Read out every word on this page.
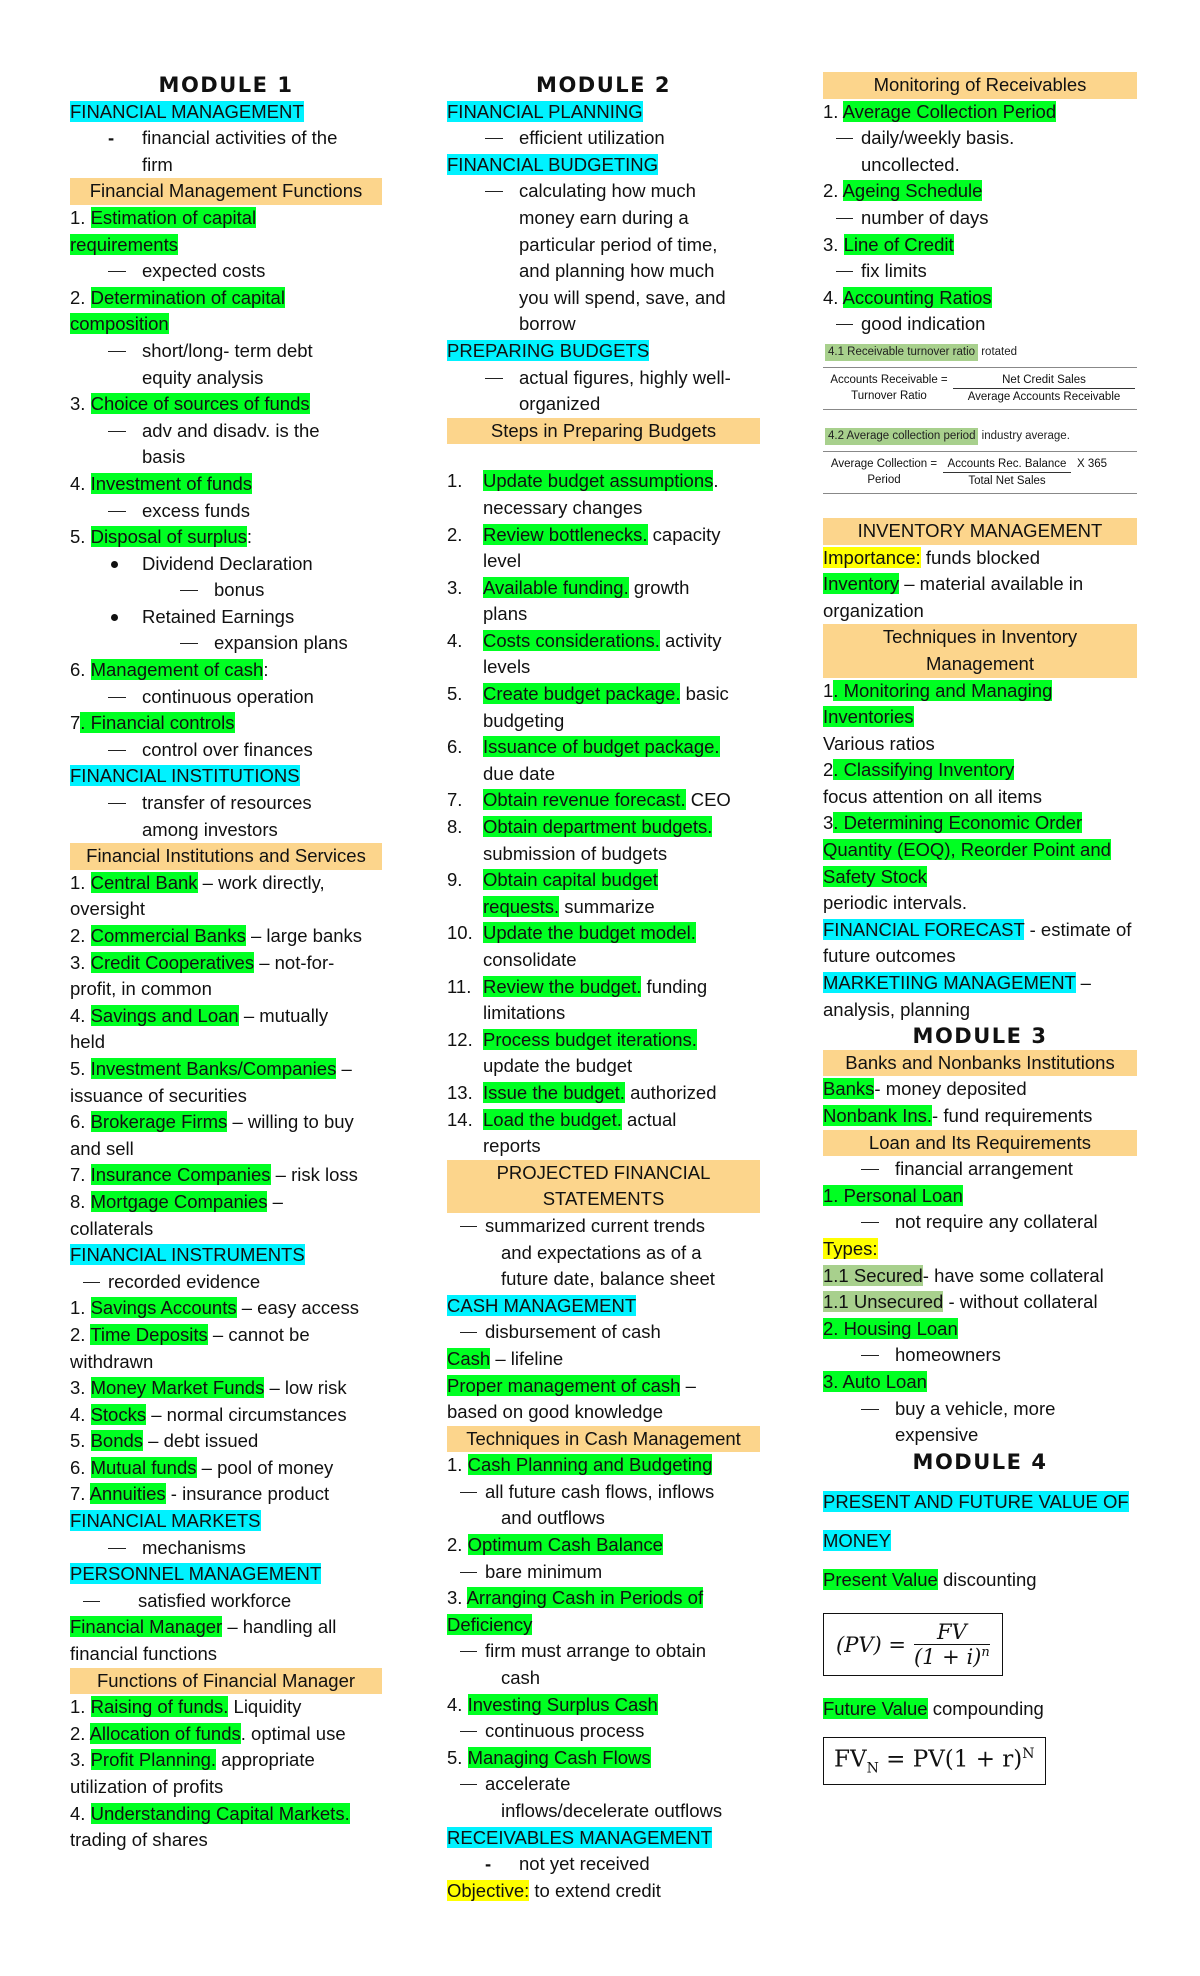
MODULE 1
FINANCIAL MANAGEMENT
- financial activities of the
firm
Financial Management Functions
1. Estimation of capital
requirements
expected costs
2. Determination of capital
composition
short/long- term debt
equity analysis
3. Choice of sources of funds
adv and disadv. is the
basis
4. Investment of funds
excess funds
5. Disposal of surplus:
Dividend Declaration
bonus
Retained Earnings
expansion plans
6. Management of cash:
continuous operation
7. Financial controls
control over finances
FINANCIAL INSTITUTIONS
transfer of resources
among investors
Financial Institutions and Services
1. Central Bank – work directly,
oversight
2. Commercial Banks – large banks
3. Credit Cooperatives – not-for-
profit, in common
4. Savings and Loan – mutually
held
5. Investment Banks/Companies –
issuance of securities
6. Brokerage Firms – willing to buy
and sell
7. Insurance Companies – risk loss
8. Mortgage Companies –
collaterals
FINANCIAL INSTRUMENTS
recorded evidence
1. Savings Accounts – easy access
2. Time Deposits – cannot be
withdrawn
3. Money Market Funds – low risk
4. Stocks – normal circumstances
5. Bonds – debt issued
6. Mutual funds – pool of money
7. Annuities - insurance product
FINANCIAL MARKETS
mechanisms
PERSONNEL MANAGEMENT
satisfied workforce
Financial Manager – handling all
financial functions
Functions of Financial Manager
1. Raising of funds. Liquidity
2. Allocation of funds. optimal use
3. Profit Planning. appropriate
utilization of profits
4. Understanding Capital Markets.
trading of shares
MODULE 2
FINANCIAL PLANNING
efficient utilization
FINANCIAL BUDGETING
calculating how much
money earn during a
particular period of time,
and planning how much
you will spend, save, and
borrow
PREPARING BUDGETS
actual figures, highly well-
organized
Steps in Preparing Budgets
1. Update budget assumptions.
necessary changes
2. Review bottlenecks. capacity
level
3. Available funding. growth
plans
4. Costs considerations. activity
levels
5. Create budget package. basic
budgeting
6. Issuance of budget package.
due date
7. Obtain revenue forecast. CEO
8. Obtain department budgets.
submission of budgets
9. Obtain capital budget
requests. summarize
10. Update the budget model.
consolidate
11. Review the budget. funding
limitations
12. Process budget iterations.
update the budget
13. Issue the budget. authorized
14. Load the budget. actual
reports
PROJECTED FINANCIAL
STATEMENTS
summarized current trends
and expectations as of a
future date, balance sheet
CASH MANAGEMENT
disbursement of cash
Cash – lifeline
Proper management of cash –
based on good knowledge
Techniques in Cash Management
1. Cash Planning and Budgeting
all future cash flows, inflows
and outflows
2. Optimum Cash Balance
bare minimum
3. Arranging Cash in Periods of
Deficiency
firm must arrange to obtain
cash
4. Investing Surplus Cash
continuous process
5. Managing Cash Flows
accelerate
inflows/decelerate outflows
RECEIVABLES MANAGEMENT
- not yet received
Objective: to extend credit
Monitoring of Receivables
1. Average Collection Period
daily/weekly basis.
uncollected.
2. Ageing Schedule
number of days
3. Line of Credit
fix limits
4. Accounting Ratios
good indication
4.1 Receivable turnover ratio rotated
Accounts Receivable =
Turnover Ratio
Net Credit Sales
Average Accounts Receivable
4.2 Average collection period industry average.
Average Collection =
Period
Accounts Rec. Balance
Total Net Sales
X 365
INVENTORY MANAGEMENT
Importance: funds blocked
Inventory – material available in
organization
Techniques in Inventory
Management
1. Monitoring and Managing
Inventories
Various ratios
2. Classifying Inventory
focus attention on all items
3. Determining Economic Order
Quantity (EOQ), Reorder Point and
Safety Stock
periodic intervals.
FINANCIAL FORECAST - estimate of
future outcomes
MARKETIING MANAGEMENT –
analysis, planning
MODULE 3
Banks and Nonbanks Institutions
Banks- money deposited
Nonbank Ins.- fund requirements
Loan and Its Requirements
financial arrangement
1. Personal Loan
not require any collateral
Types:
1.1 Secured- have some collateral
1.1 Unsecured - without collateral
2. Housing Loan
homeowners
3. Auto Loan
buy a vehicle, more
expensive
MODULE 4
PRESENT AND FUTURE VALUE OF
MONEY
Present Value discounting
$(PV) = \frac{FV}{(1 + i)^n}$
Future Value compounding
$FV_N = PV(1 + r)^N$
